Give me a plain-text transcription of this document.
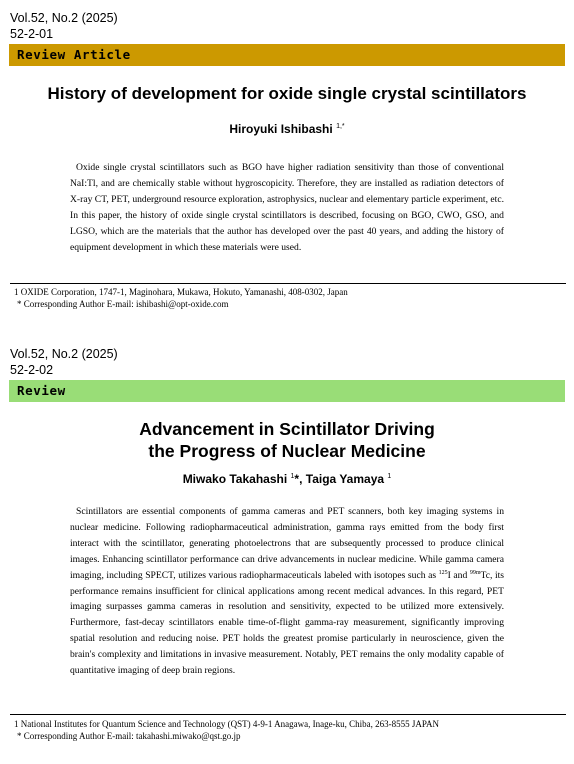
Vol.52, No.2 (2025)
52-2-01
Review Article
History of development for oxide single crystal scintillators
Hiroyuki Ishibashi $^{1,*}$
Oxide single crystal scintillators such as BGO have higher radiation sensitivity than those of conventional NaI:Tl, and are chemically stable without hygroscopicity. Therefore, they are installed as radiation detectors of X-ray CT, PET, underground resource exploration, astrophysics, nuclear and elementary particle experiment, etc. In this paper, the history of oxide single crystal scintillators is described, focusing on BGO, CWO, GSO, and LGSO, which are the materials that the author has developed over the past 40 years, and adding the history of equipment development in which these materials were used.
1 OXIDE Corporation, 1747-1, Maginohara, Mukawa, Hokuto, Yamanashi, 408-0302, Japan
* Corresponding Author E-mail: ishibashi@opt-oxide.com
Vol.52, No.2 (2025)
52-2-02
Review
Advancement in Scintillator Driving
the Progress of Nuclear Medicine
Miwako Takahashi $^1$*, Taiga Yamaya $^1$
Scintillators are essential components of gamma cameras and PET scanners, both key imaging systems in nuclear medicine. Following radiopharmaceutical administration, gamma rays emitted from the body first interact with the scintillator, generating photoelectrons that are subsequently processed to produce clinical images. Enhancing scintillator performance can drive advancements in nuclear medicine. While gamma camera imaging, including SPECT, utilizes various radiopharmaceuticals labeled with isotopes such as $^{125}$I and $^{99m}$Tc, its performance remains insufficient for clinical applications among recent medical advances. In this regard, PET imaging surpasses gamma cameras in resolution and sensitivity, expected to be utilized more extensively. Furthermore, fast-decay scintillators enable time-of-flight gamma-ray measurement, significantly improving spatial resolution and reducing noise. PET holds the greatest promise particularly in neuroscience, given the brain's complexity and limitations in invasive measurement. Notably, PET remains the only modality capable of quantitative imaging of deep brain regions.
1 National Institutes for Quantum Science and Technology (QST) 4-9-1 Anagawa, Inage-ku, Chiba, 263-8555 JAPAN
* Corresponding Author E-mail: takahashi.miwako@qst.go.jp
